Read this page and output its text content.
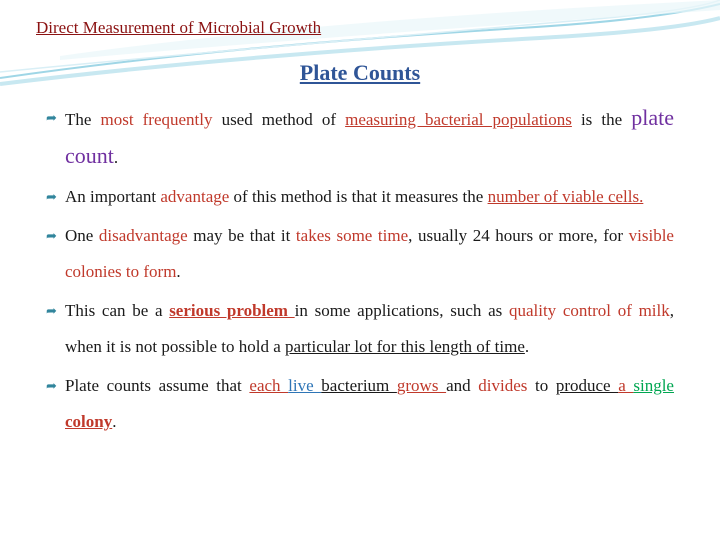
Direct Measurement of Microbial Growth
Plate Counts
➦ The most frequently used method of measuring bacterial populations is the plate count.
➦ An important advantage of this method is that it measures the number of viable cells.
➦ One disadvantage may be that it takes some time, usually 24 hours or more, for visible colonies to form.
➦ This can be a serious problem in some applications, such as quality control of milk, when it is not possible to hold a particular lot for this length of time.
➦ Plate counts assume that each live bacterium grows and divides to produce a single colony.
